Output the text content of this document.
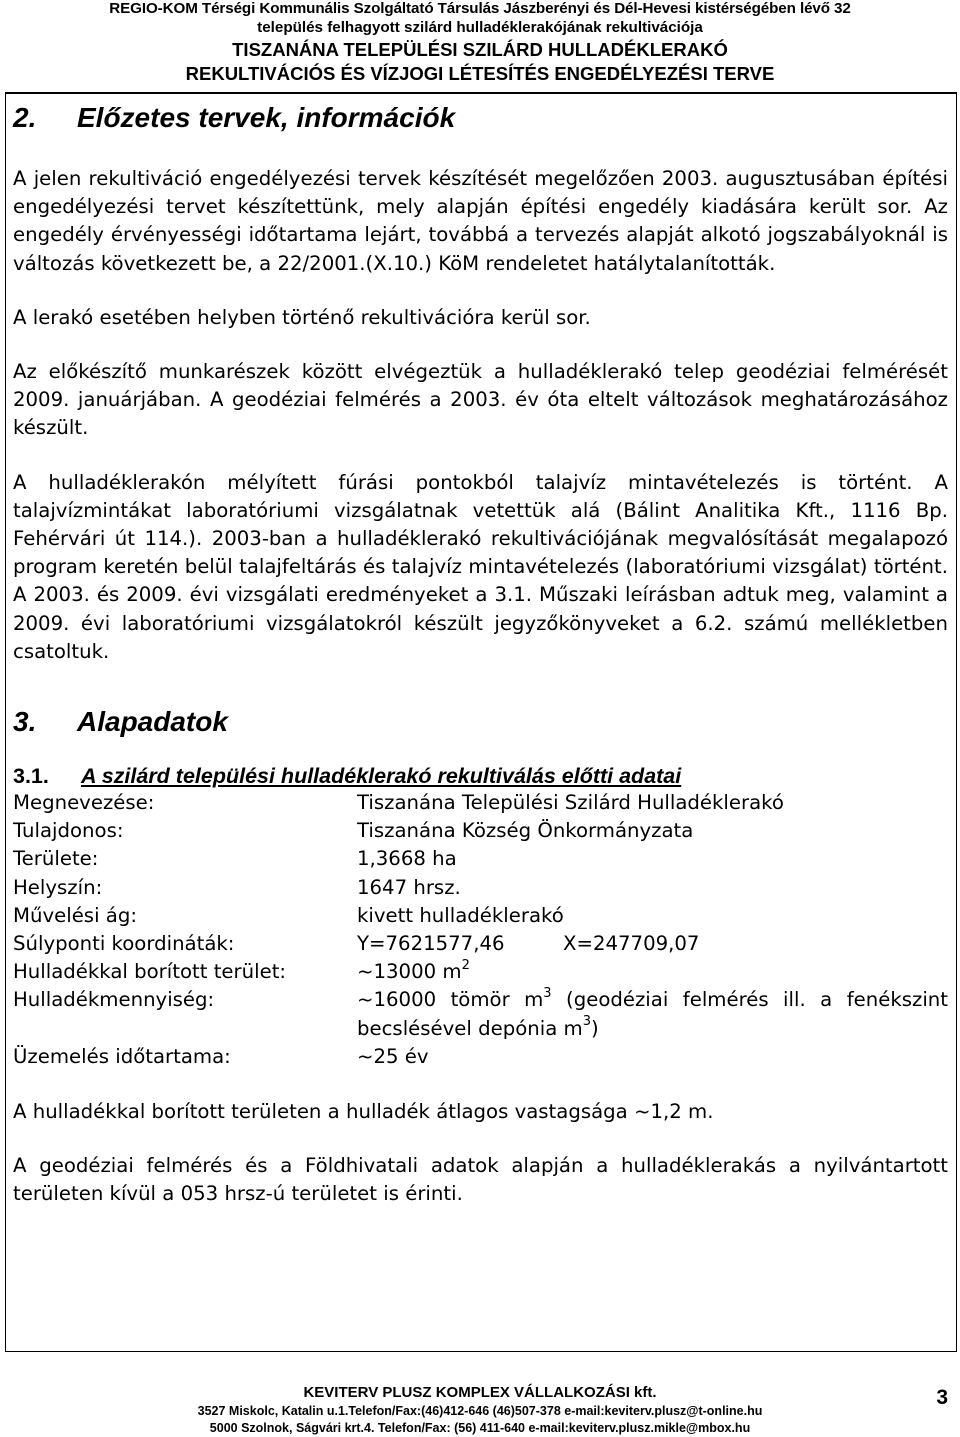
REGIO-KOM Térségi Kommunális Szolgáltató Társulás Jászberényi és Dél-Hevesi kistérségében lévő 32
település felhagyott szilárd hulladéklerakójának rekultivációja
TISZANÁNA TELEPÜLÉSI SZILÁRD HULLADÉKLERAKÓ
REKULTIVÁCIÓS ÉS VÍZJOGI LÉTESÍTÉS ENGEDÉLYEZÉSI TERVE
2. Előzetes tervek, információk

A jelen rekultiváció engedélyezési tervek készítését megelőzően 2003. augusztusában építési engedélyezési tervet készítettünk, mely alapján építési engedély kiadására került sor. Az engedély érvényességi időtartama lejárt, továbbá a tervezés alapját alkotó jogszabályoknál is változás következett be, a 22/2001.(X.10.) KöM rendeletet hatálytalanították.

A lerakó esetében helyben történő rekultivációra kerül sor.

Az előkészítő munkarészek között elvégeztük a hulladéklerakó telep geodéziai felmérését 2009. januárjában. A geodéziai felmérés a 2003. év óta eltelt változások meghatározásához készült.

A hulladéklerakón mélyített fúrási pontokból talajvíz mintavételezés is történt. A talajvízmintákat laboratóriumi vizsgálatnak vetettük alá (Bálint Analitika Kft., 1116 Bp. Fehérvári út 114.). 2003-ban a hulladéklerakó rekultivációjának megvalósítását megalapozó program keretén belül talajfeltárás és talajvíz mintavételezés (laboratóriumi vizsgálat) történt. A 2003. és 2009. évi vizsgálati eredményeket a 3.1. Műszaki leírásban adtuk meg, valamint a 2009. évi laboratóriumi vizsgálatokról készült jegyzőkönyveket a 6.2. számú mellékletben csatoltuk.

3. Alapadatok
3.1. A szilárd települési hulladéklerakó rekultiválás előtti adatai
Megnevezése:	Tiszanána Települési Szilárd Hulladéklerakó
Tulajdonos:	Tiszanána Község Önkormányzata
Területe:	1,3668 ha
Helyszín:	1647 hrsz.
Művelési ág:	kivett hulladéklerakó
Súlyponti koordináták:	Y=7621577,46	X=247709,07
Hulladékkal borított terület:	~13000 $m^2$
Hulladékmennyiség:	~16000 tömör $m^3$ (geodéziai felmérés ill. a fenékszint becslésével depónia $m^3$)
Üzemelés időtartama:	~25 év

A hulladékkal borított területen a hulladék átlagos vastagsága ~1,2 m.

A geodéziai felmérés és a Földhivatali adatok alapján a hulladéklerakás a nyilvántartott területen kívül a 053 hrsz-ú területet is érinti.

KEVITERV PLUSZ KOMPLEX VÁLLALKOZÁSI kft.
3527 Miskolc, Katalin u.1.Telefon/Fax:(46)412-646 (46)507-378 e-mail:keviterv.plusz@t-online.hu
5000 Szolnok, Ságvári krt.4. Telefon/Fax: (56) 411-640 e-mail:keviterv.plusz.mikle@mbox.hu
3
